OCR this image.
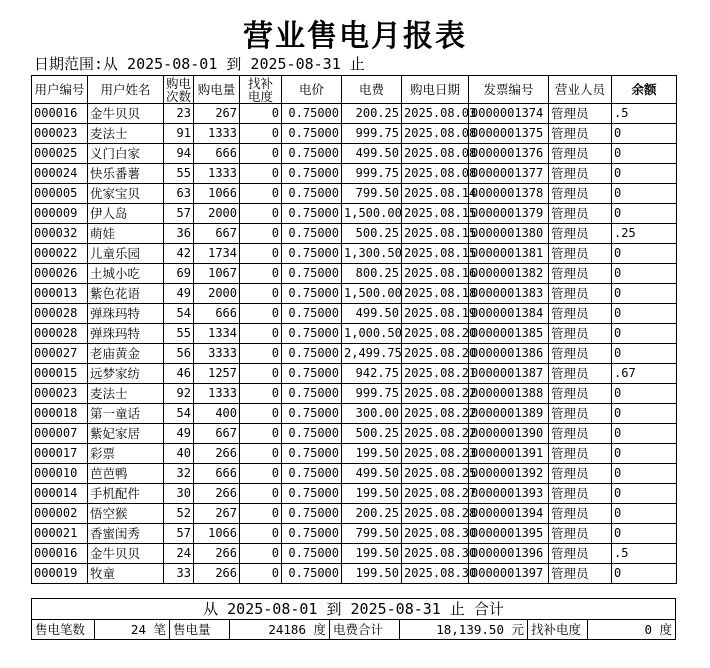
营业售电月报表
日期范围:从 2025-08-01 到 2025-08-31 止
用户编号	用户姓名	购电次数	购电量	找补电度	电价	电费	购电日期	发票编号	营业人员	余额
000016	金牛贝贝	23	267	0	0.75000	200.25	2025.08.03	0000001374	管理员	.5
000023	麦法士	91	1333	0	0.75000	999.75	2025.08.08	0000001375	管理员	0
000025	义门白家	94	666	0	0.75000	499.50	2025.08.08	0000001376	管理员	0
000024	快乐番薯	55	1333	0	0.75000	999.75	2025.08.08	0000001377	管理员	0
000005	优家宝贝	63	1066	0	0.75000	799.50	2025.08.14	0000001378	管理员	0
000009	伊人岛	57	2000	0	0.75000	1,500.00	2025.08.15	0000001379	管理员	0
000032	萌娃	36	667	0	0.75000	500.25	2025.08.15	0000001380	管理员	.25
000022	儿童乐园	42	1734	0	0.75000	1,300.50	2025.08.15	0000001381	管理员	0
000026	土城小吃	69	1067	0	0.75000	800.25	2025.08.16	0000001382	管理员	0
000013	紫色花语	49	2000	0	0.75000	1,500.00	2025.08.18	0000001383	管理员	0
000028	弹珠玛特	54	666	0	0.75000	499.50	2025.08.19	0000001384	管理员	0
000028	弹珠玛特	55	1334	0	0.75000	1,000.50	2025.08.20	0000001385	管理员	0
000027	老庙黄金	56	3333	0	0.75000	2,499.75	2025.08.20	0000001386	管理员	0
000015	远梦家纺	46	1257	0	0.75000	942.75	2025.08.21	0000001387	管理员	.67
000023	麦法士	92	1333	0	0.75000	999.75	2025.08.22	0000001388	管理员	0
000018	第一童话	54	400	0	0.75000	300.00	2025.08.22	0000001389	管理员	0
000007	紫妃家居	49	667	0	0.75000	500.25	2025.08.22	0000001390	管理员	0
000017	彩票	40	266	0	0.75000	199.50	2025.08.23	0000001391	管理员	0
000010	芭芭鸭	32	666	0	0.75000	499.50	2025.08.25	0000001392	管理员	0
000014	手机配件	30	266	0	0.75000	199.50	2025.08.27	0000001393	管理员	0
000002	悟空猴	52	267	0	0.75000	200.25	2025.08.28	0000001394	管理员	0
000021	香蜜闺秀	57	1066	0	0.75000	799.50	2025.08.30	0000001395	管理员	0
000016	金牛贝贝	24	266	0	0.75000	199.50	2025.08.30	0000001396	管理员	.5
000019	牧童	33	266	0	0.75000	199.50	2025.08.30	0000001397	管理员	0
从 2025-08-01 到 2025-08-31 止 合计
售电笔数	24 笔 售电量	24186 度 电费合计	18,139.50 元 找补电度	0 度
